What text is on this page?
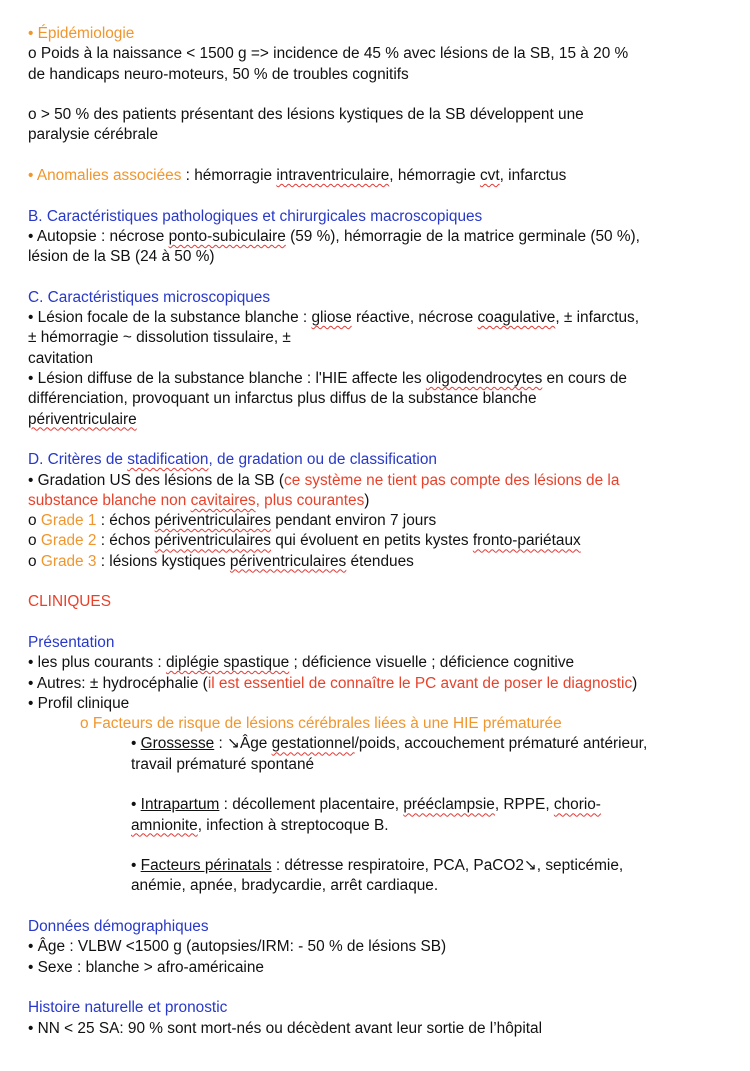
• Épidémiologie
o Poids à la naissance < 1500 g => incidence de 45 % avec lésions de la SB, 15 à 20 %
de handicaps neuro-moteurs, 50 % de troubles cognitifs
o > 50 % des patients présentant des lésions kystiques de la SB développent une
paralysie cérébrale
• Anomalies associées : hémorragie intraventriculaire, hémorragie cvt, infarctus
B. Caractéristiques pathologiques et chirurgicales macroscopiques
• Autopsie : nécrose ponto-subiculaire (59 %), hémorragie de la matrice germinale (50 %),
lésion de la SB (24 à 50 %)
C. Caractéristiques microscopiques
• Lésion focale de la substance blanche : gliose réactive, nécrose coagulative, ± infarctus,
± hémorragie ~ dissolution tissulaire, ±
cavitation
• Lésion diffuse de la substance blanche : l'HIE affecte les oligodendrocytes en cours de
différenciation, provoquant un infarctus plus diffus de la substance blanche
périventriculaire
D. Critères de stadification, de gradation ou de classification
• Gradation US des lésions de la SB (ce système ne tient pas compte des lésions de la
substance blanche non cavitaires, plus courantes)
o Grade 1 : échos périventriculaires pendant environ 7 jours
o Grade 2 : échos périventriculaires qui évoluent en petits kystes fronto-pariétaux
o Grade 3 : lésions kystiques périventriculaires étendues
CLINIQUES
Présentation
• les plus courants : diplégie spastique ; déficience visuelle ; déficience cognitive
• Autres: ± hydrocéphalie (il est essentiel de connaître le PC avant de poser le diagnostic)
• Profil clinique
o Facteurs de risque de lésions cérébrales liées à une HIE prématurée
• Grossesse : ↘Âge gestationnel/poids, accouchement prématuré antérieur,
travail prématuré spontané
• Intrapartum : décollement placentaire, prééclampsie, RPPE, chorio-
amnionite, infection à streptocoque B.
• Facteurs périnatals : détresse respiratoire, PCA, PaCO2↘, septicémie,
anémie, apnée, bradycardie, arrêt cardiaque.
Données démographiques
• Âge : VLBW <1500 g (autopsies/IRM: - 50 % de lésions SB)
• Sexe : blanche > afro-américaine
Histoire naturelle et pronostic
• NN < 25 SA: 90 % sont mort-nés ou décèdent avant leur sortie de l’hôpital
